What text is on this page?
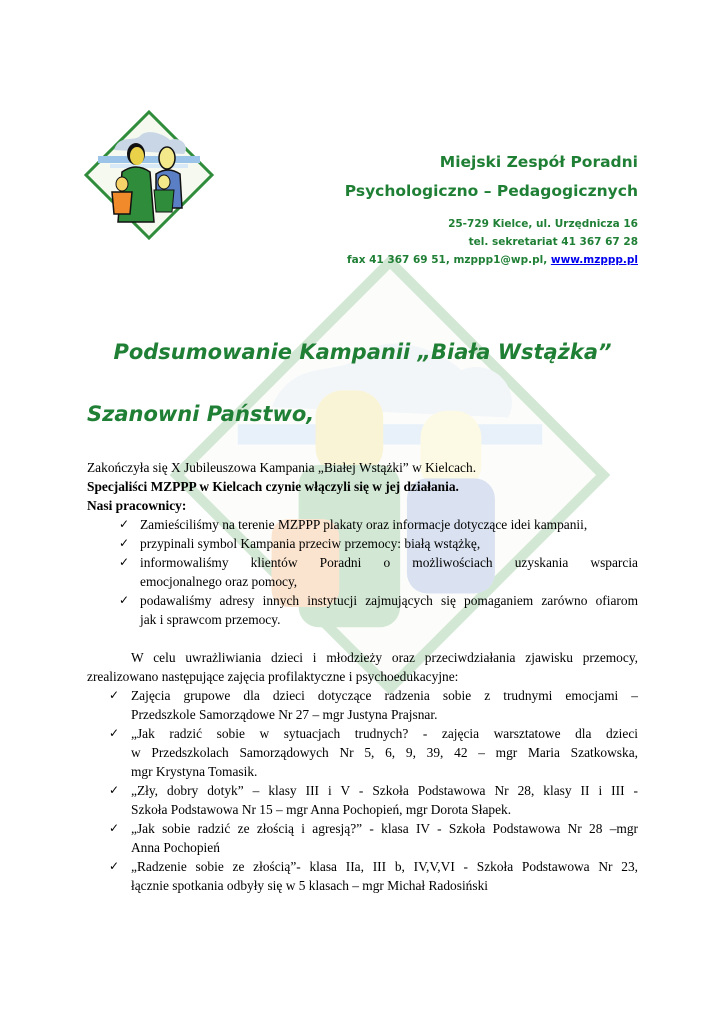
Miejski Zespół Poradni
Psychologiczno – Pedagogicznych
25-729 Kielce, ul. Urzędnicza 16
tel. sekretariat 41 367 67 28
fax 41 367 69 51, mzppp1@wp.pl, www.mzppp.pl
Podsumowanie Kampanii „Biała Wstążka”
Szanowni Państwo,
Zakończyła się X Jubileuszowa Kampania „Białej Wstążki” w Kielcach.
Specjaliści MZPPP w Kielcach czynie włączyli się w jej działania.
Nasi pracownicy:
✓ Zamieściliśmy na terenie MZPPP plakaty oraz informacje dotyczące idei kampanii,
✓ przypinali symbol Kampania przeciw przemocy: białą wstążkę,
✓ informowaliśmy klientów Poradni o możliwościach uzyskania wsparcia
emocjonalnego oraz pomocy,
✓ podawaliśmy adresy innych instytucji zajmujących się pomaganiem zarówno ofiarom
jak i sprawcom przemocy.
W celu uwrażliwiania dzieci i młodzieży oraz przeciwdziałania zjawisku przemocy,
zrealizowano następujące zajęcia profilaktyczne i psychoedukacyjne:
✓ Zajęcia grupowe dla dzieci dotyczące radzenia sobie z trudnymi emocjami –
Przedszkole Samorządowe Nr 27 – mgr Justyna Prajsnar.
✓ „Jak radzić sobie w sytuacjach trudnych? - zajęcia warsztatowe dla dzieci
w Przedszkolach Samorządowych Nr 5, 6, 9, 39, 42 – mgr Maria Szatkowska,
mgr Krystyna Tomasik.
✓ „Zły, dobry dotyk” – klasy III i V - Szkoła Podstawowa Nr 28, klasy II i III -
Szkoła Podstawowa Nr 15 – mgr Anna Pochopień, mgr Dorota Słapek.
✓ „Jak sobie radzić ze złością i agresją?” - klasa IV - Szkoła Podstawowa Nr 28 –mgr
Anna Pochopień
✓ „Radzenie sobie ze złością”- klasa IIa, III b, IV,V,VI - Szkoła Podstawowa Nr 23,
łącznie spotkania odbyły się w 5 klasach – mgr Michał Radosiński
